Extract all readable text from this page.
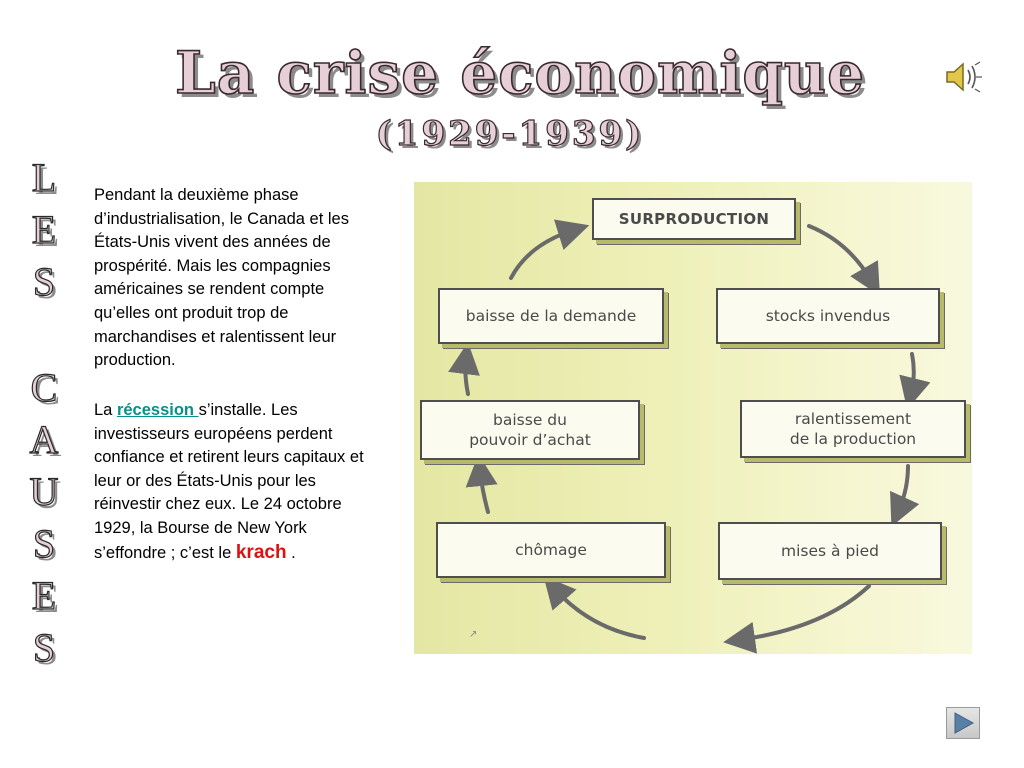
La crise économique
(1929-1939)
L
E
S
C
A
U
S
E
S
Pendant la deuxième phase d’industrialisation, le Canada et les États-Unis vivent des années de prospérité. Mais les compagnies américaines se rendent compte qu’elles ont produit trop de marchandises et ralentissent leur production.
La récession s’installe. Les investisseurs européens perdent confiance et retirent leurs capitaux et leur or des États-Unis pour les réinvestir chez eux. Le 24 octobre 1929, la Bourse de New York s’effondre ; c’est le krach .
↗
SURPRODUCTION
stocks invendus
ralentissement
de la production
mises à pied
chômage
baisse du
pouvoir d’achat
baisse de la demande
